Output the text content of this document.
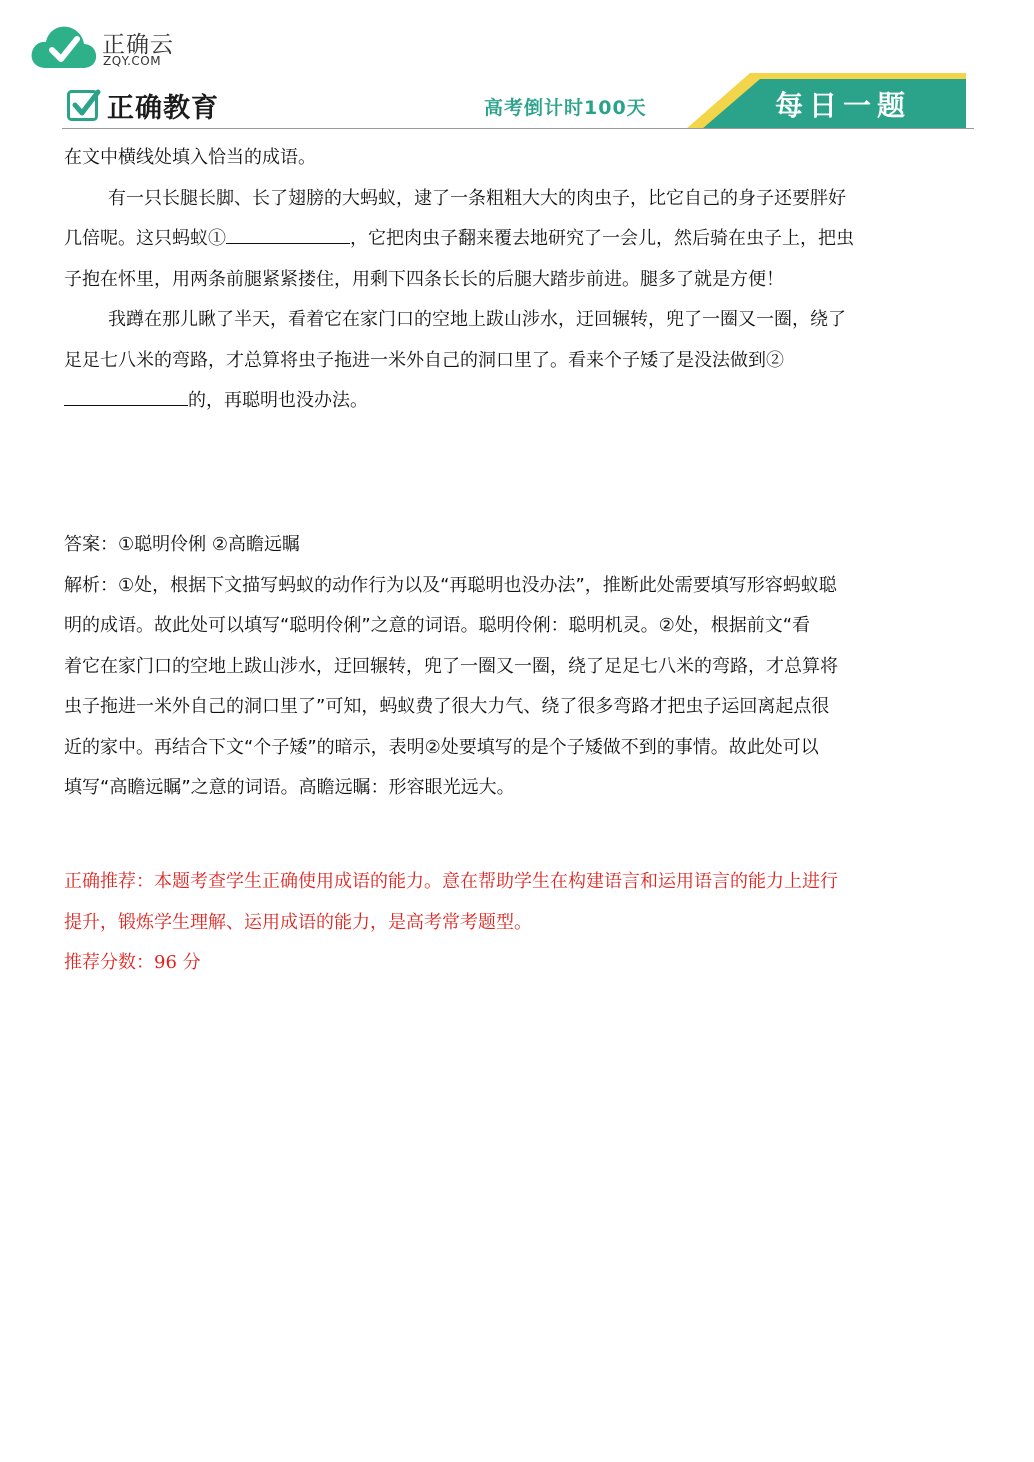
正确云
ZQY.COM
正确教育	高考倒计时100天	每日一题
在文中横线处填入恰当的成语。
有一只长腿长脚、长了翅膀的大蚂蚁，逮了一条粗粗大大的肉虫子，比它自己的身子还要胖好
几倍呢。这只蚂蚁①	，它把肉虫子翻来覆去地研究了一会儿，然后骑在虫子上，把虫
子抱在怀里，用两条前腿紧紧搂住，用剩下四条长长的后腿大踏步前进。腿多了就是方便！
我蹲在那儿瞅了半天，看着它在家门口的空地上跋山涉水，迂回辗转，兜了一圈又一圈，绕了
足足七八米的弯路，才总算将虫子拖进一米外自己的洞口里了。看来个子矮了是没法做到②
的，再聪明也没办法。
答案：①聪明伶俐 ②高瞻远瞩
解析：①处，根据下文描写蚂蚁的动作行为以及“再聪明也没办法”，推断此处需要填写形容蚂蚁聪
明的成语。故此处可以填写“聪明伶俐”之意的词语。聪明伶俐：聪明机灵。②处，根据前文“看
着它在家门口的空地上跋山涉水，迂回辗转，兜了一圈又一圈，绕了足足七八米的弯路，才总算将
虫子拖进一米外自己的洞口里了”可知，蚂蚁费了很大力气、绕了很多弯路才把虫子运回离起点很
近的家中。再结合下文“个子矮”的暗示，表明②处要填写的是个子矮做不到的事情。故此处可以
填写“高瞻远瞩”之意的词语。高瞻远瞩：形容眼光远大。
正确推荐：本题考查学生正确使用成语的能力。意在帮助学生在构建语言和运用语言的能力上进行
提升，锻炼学生理解、运用成语的能力，是高考常考题型。
推荐分数：96 分
